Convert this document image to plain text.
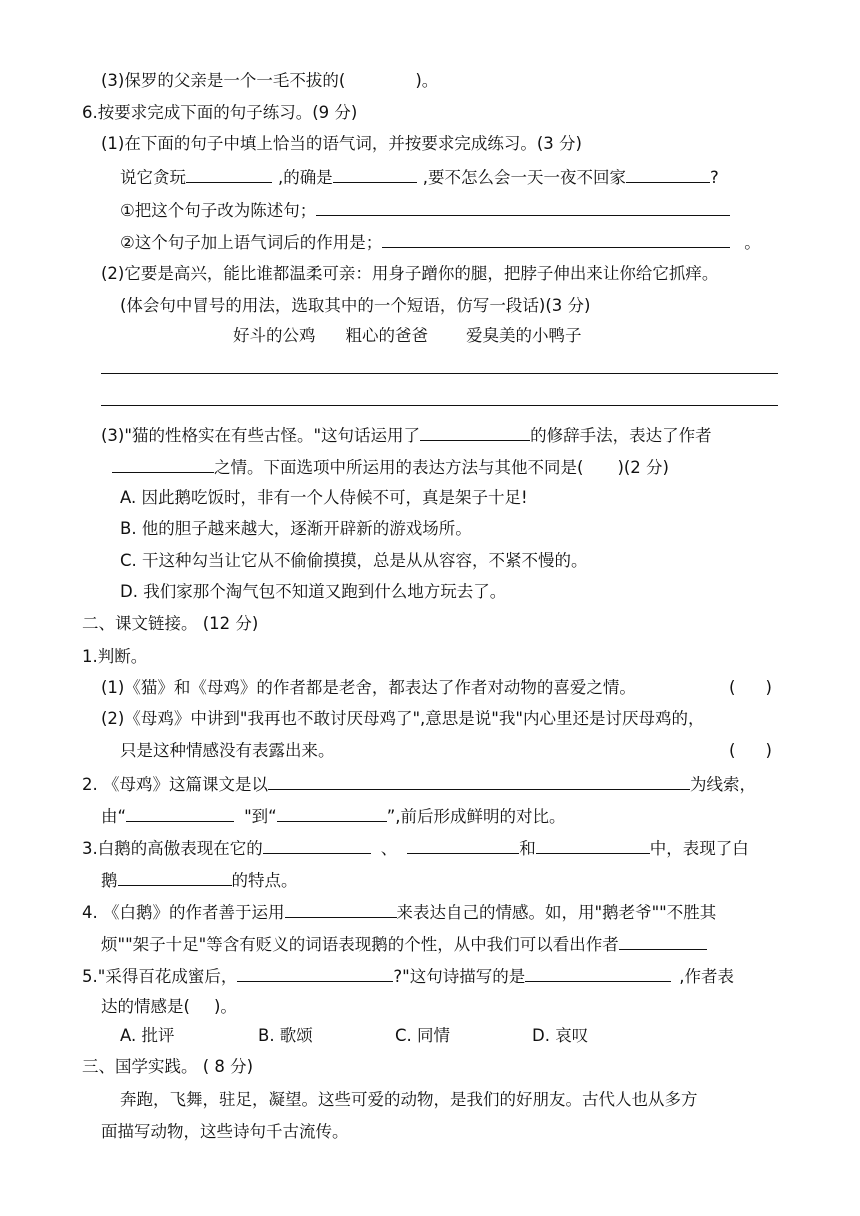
(3)保罗的父亲是一个一毛不拔的(	)。
6.按要求完成下面的句子练习。(9 分)
(1)在下面的句子中填上恰当的语气词，并按要求完成练习。(3 分)
说它贪玩	,的确是	,要不怎么会一天一夜不回家	?
①把这个句子改为陈述句；
②这个句子加上语气词后的作用是；	。
(2)它要是高兴，能比谁都温柔可亲：用身子蹭你的腿，把脖子伸出来让你给它抓痒。
(体会句中冒号的用法，选取其中的一个短语，仿写一段话)(3 分)
好斗的公鸡 粗心的爸爸 爱臭美的小鸭子
(3)"猫的性格实在有些古怪。"这句话运用了	的修辞手法，表达了作者
之情。下面选项中所运用的表达方法与其他不同是( )(2 分)
A. 因此鹅吃饭时，非有一个人侍候不可，真是架子十足!
B. 他的胆子越来越大，逐渐开辟新的游戏场所。
C. 干这种勾当让它从不偷偷摸摸，总是从从容容，不紧不慢的。
D. 我们家那个淘气包不知道又跑到什么地方玩去了。
二、课文链接。 (12 分)
1.判断。
(1)《猫》和《母鸡》的作者都是老舍，都表达了作者对动物的喜爱之情。	( )
(2)《母鸡》中讲到"我再也不敢讨厌母鸡了",意思是说"我"内心里还是讨厌母鸡的，
只是这种情感没有表露出来。	( )
2. 《母鸡》这篇课文是以	为线索，
由“	"到“	”,前后形成鲜明的对比。
3.白鹅的高傲表现在它的	、	和	中，表现了白
鹅	的特点。
4. 《白鹅》的作者善于运用	来表达自己的情感。如，用"鹅老爷""不胜其
烦""架子十足"等含有贬义的词语表现鹅的个性，从中我们可以看出作者
5."采得百花成蜜后，	?"这句诗描写的是	,作者表
达的情感是( )。
A. 批评	B. 歌颂	C. 同情	D. 哀叹
三、国学实践。 ( 8 分)
奔跑，飞舞，驻足，凝望。这些可爱的动物，是我们的好朋友。古代人也从多方
面描写动物，这些诗句千古流传。
